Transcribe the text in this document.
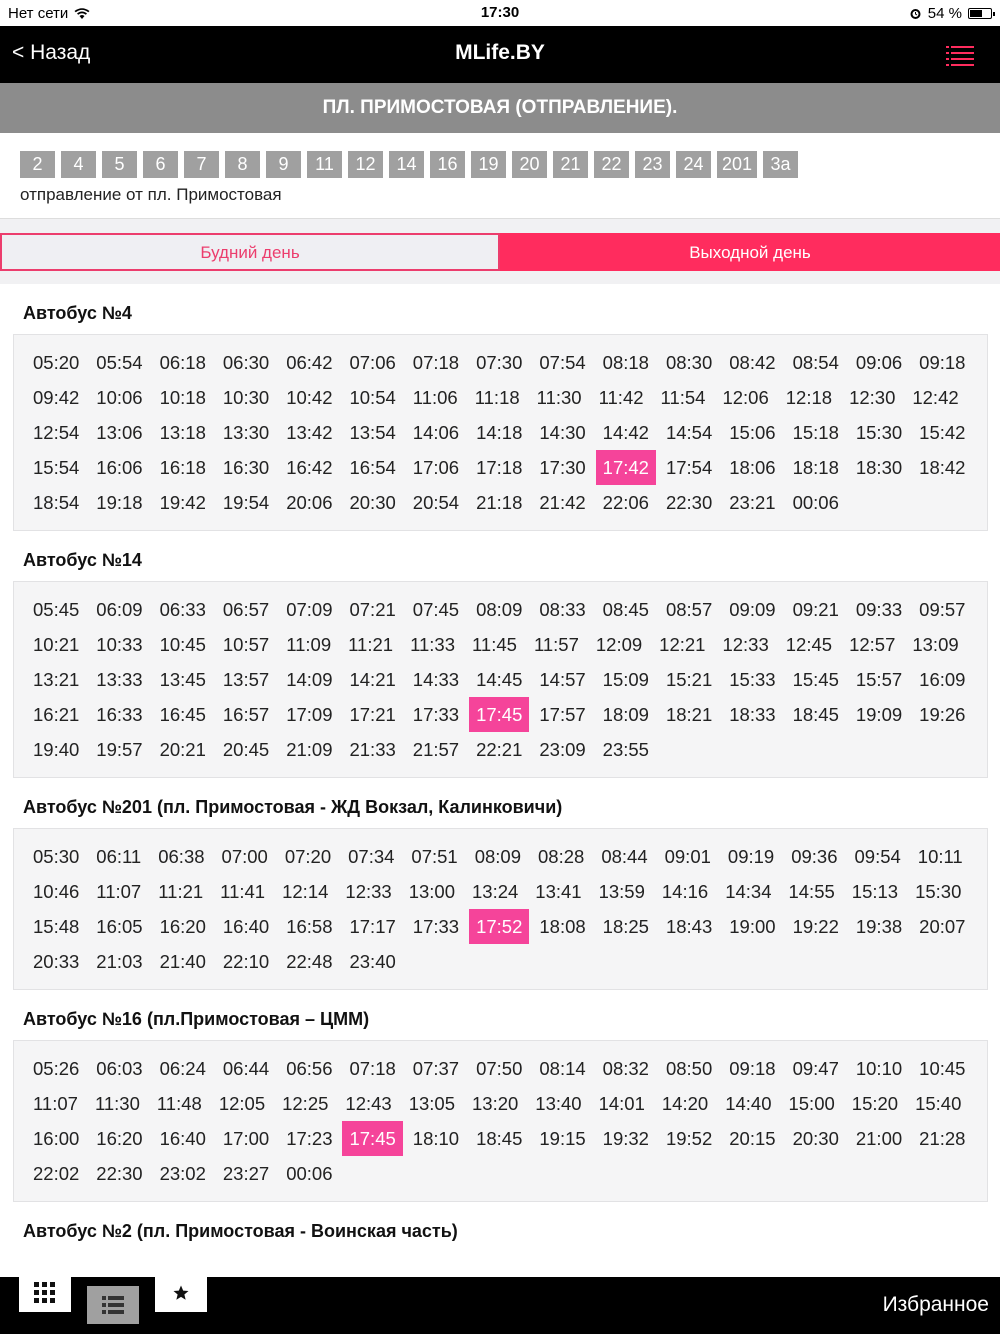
Нет сети	17:30	54 %
< Назад	MLife.BY
ПЛ. ПРИМОСТОВАЯ (ОТПРАВЛЕНИЕ).
2	4	5	6	7	8	9	11	12	14	16	19	20	21	22	23	24	201	3а
отправление от пл. Примостовая
Будний день	Выходной день
Автобус №4
05:20 05:54 06:18 06:30 06:42 07:06 07:18 07:30 07:54 08:18 08:30 08:42 08:54 09:06 09:18
09:42 10:06 10:18 10:30 10:42 10:54 11:06 11:18 11:30 11:42 11:54 12:06 12:18 12:30 12:42
12:54 13:06 13:18 13:30 13:42 13:54 14:06 14:18 14:30 14:42 14:54 15:06 15:18 15:30 15:42
15:54 16:06 16:18 16:30 16:42 16:54 17:06 17:18 17:30 17:42 17:54 18:06 18:18 18:30 18:42
18:54 19:18 19:42 19:54 20:06 20:30 20:54 21:18 21:42 22:06 22:30 23:21 00:06
Автобус №14
05:45 06:09 06:33 06:57 07:09 07:21 07:45 08:09 08:33 08:45 08:57 09:09 09:21 09:33 09:57
10:21 10:33 10:45 10:57 11:09 11:21 11:33 11:45 11:57 12:09 12:21 12:33 12:45 12:57 13:09
13:21 13:33 13:45 13:57 14:09 14:21 14:33 14:45 14:57 15:09 15:21 15:33 15:45 15:57 16:09
16:21 16:33 16:45 16:57 17:09 17:21 17:33 17:45 17:57 18:09 18:21 18:33 18:45 19:09 19:26
19:40 19:57 20:21 20:45 21:09 21:33 21:57 22:21 23:09 23:55
Автобус №201 (пл. Примостовая - ЖД Вокзал, Калинковичи)
05:30 06:11 06:38 07:00 07:20 07:34 07:51 08:09 08:28 08:44 09:01 09:19 09:36 09:54 10:11
10:46 11:07 11:21 11:41 12:14 12:33 13:00 13:24 13:41 13:59 14:16 14:34 14:55 15:13 15:30
15:48 16:05 16:20 16:40 16:58 17:17 17:33 17:52 18:08 18:25 18:43 19:00 19:22 19:38 20:07
20:33 21:03 21:40 22:10 22:48 23:40
Автобус №16 (пл.Примостовая – ЦММ)
05:26 06:03 06:24 06:44 06:56 07:18 07:37 07:50 08:14 08:32 08:50 09:18 09:47 10:10 10:45
11:07 11:30 11:48 12:05 12:25 12:43 13:05 13:20 13:40 14:01 14:20 14:40 15:00 15:20 15:40
16:00 16:20 16:40 17:00 17:23 17:45 18:10 18:45 19:15 19:32 19:52 20:15 20:30 21:00 21:28
22:02 22:30 23:02 23:27 00:06
Автобус №2 (пл. Примостовая - Воинская часть)
Избранное
